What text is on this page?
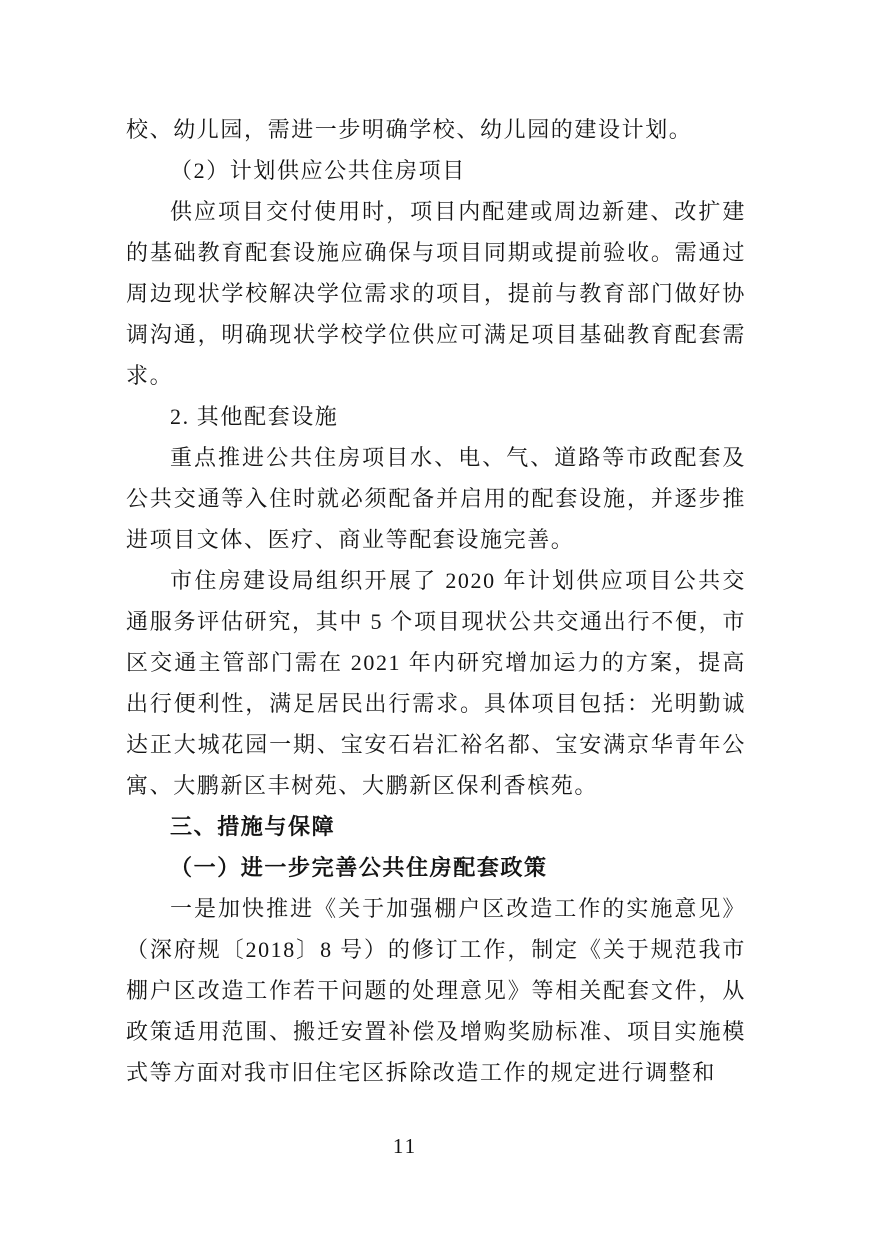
校、幼儿园，需进一步明确学校、幼儿园的建设计划。

（2）计划供应公共住房项目

供应项目交付使用时，项目内配建或周边新建、改扩建的基础教育配套设施应确保与项目同期或提前验收。需通过周边现状学校解决学位需求的项目，提前与教育部门做好协调沟通，明确现状学校学位供应可满足项目基础教育配套需求。

2. 其他配套设施

重点推进公共住房项目水、电、气、道路等市政配套及公共交通等入住时就必须配备并启用的配套设施，并逐步推进项目文体、医疗、商业等配套设施完善。

市住房建设局组织开展了 2020 年计划供应项目公共交通服务评估研究，其中 5 个项目现状公共交通出行不便，市区交通主管部门需在 2021 年内研究增加运力的方案，提高出行便利性，满足居民出行需求。具体项目包括：光明勤诚达正大城花园一期、宝安石岩汇裕名都、宝安满京华青年公寓、大鹏新区丰树苑、大鹏新区保利香槟苑。

三、措施与保障

（一）进一步完善公共住房配套政策

一是加快推进《关于加强棚户区改造工作的实施意见》（深府规〔2018〕8 号）的修订工作，制定《关于规范我市棚户区改造工作若干问题的处理意见》等相关配套文件，从政策适用范围、搬迁安置补偿及增购奖励标准、项目实施模式等方面对我市旧住宅区拆除改造工作的规定进行调整和

11
